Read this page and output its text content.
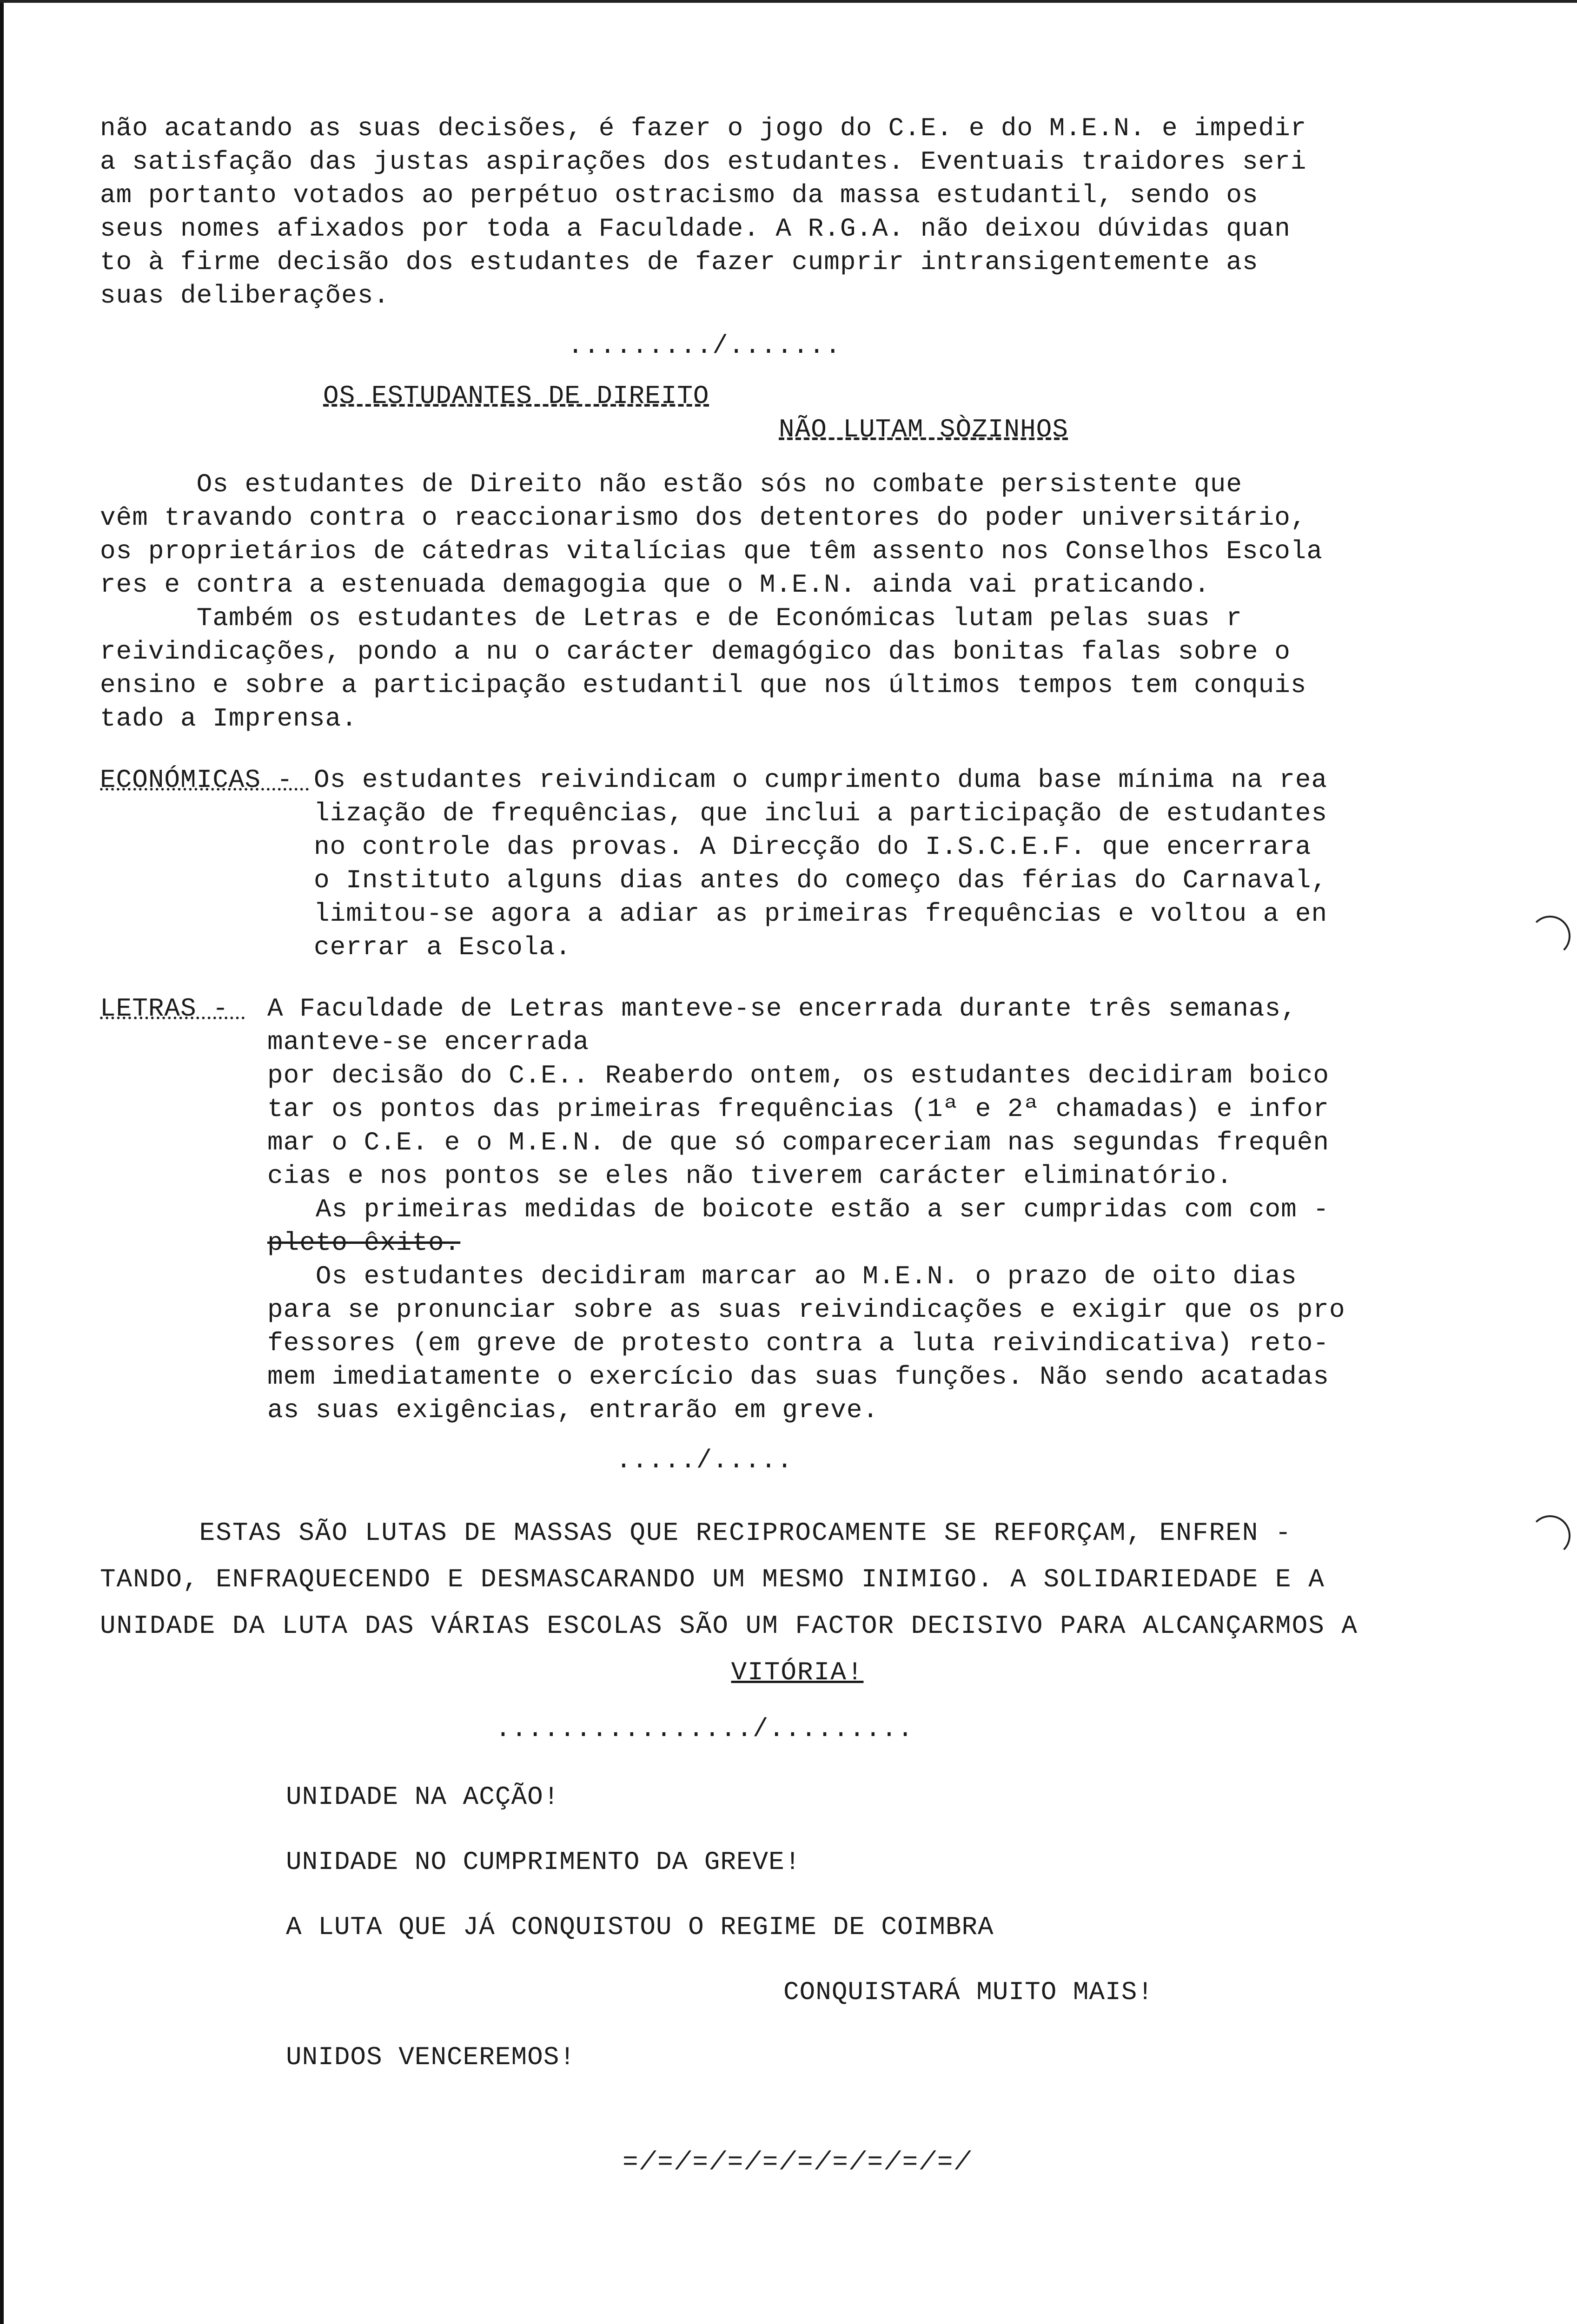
não acatando as suas decisões, é fazer o jogo do C.E. e do M.E.N. e impedir
a satisfação das justas aspirações dos estudantes. Eventuais traidores seri
am portanto votados ao perpétuo ostracismo da massa estudantil, sendo os
seus nomes afixados por toda a Faculdade. A R.G.A. não deixou dúvidas quan
to à firme decisão dos estudantes de fazer cumprir intransigentemente as
suas deliberações.
........./.......
OS ESTUDANTES DE DIREITO
NÃO LUTAM SÒZINHOS
Os estudantes de Direito não estão sós no combate persistente que
vêm travando contra o reaccionarismo dos detentores do poder universitário,
os proprietários de cátedras vitalícias que têm assento nos Conselhos Escola
res e contra a estenuada demagogia que o M.E.N. ainda vai praticando.
Também os estudantes de Letras e de Económicas lutam pelas suas r
reivindicações, pondo a nu o carácter demagógico das bonitas falas sobre o
ensino e sobre a participação estudantil que nos últimos tempos tem conquis
tado a Imprensa.
ECONÓMICAS - Os estudantes reivindicam o cumprimento duma base mínima na rea
lização de frequências, que inclui a participação de estudantes
no controle das provas. A Direcção do I.S.C.E.F. que encerrara
o Instituto alguns dias antes do começo das férias do Carnaval,
limitou-se agora a adiar as primeiras frequências e voltou a en
cerrar a Escola.
LETRAS - A Faculdade de Letras manteve-se encerrada durante três semanas,
manteve-se encerrada
por decisão do C.E.. Reaberdo ontem, os estudantes decidiram boico
tar os pontos das primeiras frequências (1ª e 2ª chamadas) e infor
mar o C.E. e o M.E.N. de que só compareceriam nas segundas frequên
cias e nos pontos se eles não tiverem carácter eliminatório.
As primeiras medidas de boicote estão a ser cumpridas com com -
pleto êxito.
Os estudantes decidiram marcar ao M.E.N. o prazo de oito dias
para se pronunciar sobre as suas reivindicações e exigir que os pro
fessores (em greve de protesto contra a luta reivindicativa) reto-
mem imediatamente o exercício das suas funções. Não sendo acatadas
as suas exigências, entrarão em greve.
...../.....
ESTAS SÃO LUTAS DE MASSAS QUE RECIPROCAMENTE SE REFORÇAM, ENFREN -
TANDO, ENFRAQUECENDO E DESMASCARANDO UM MESMO INIMIGO. A SOLIDARIEDADE E A
UNIDADE DA LUTA DAS VÁRIAS ESCOLAS SÃO UM FACTOR DECISIVO PARA ALCANÇARMOS A
VITÓRIA!
................/.........
UNIDADE NA ACÇÃO!
UNIDADE NO CUMPRIMENTO DA GREVE!
A LUTA QUE JÁ CONQUISTOU O REGIME DE COIMBRA
CONQUISTARÁ MUITO MAIS!
UNIDOS VENCEREMOS!
=/=/=/=/=/=/=/=/=/=/
